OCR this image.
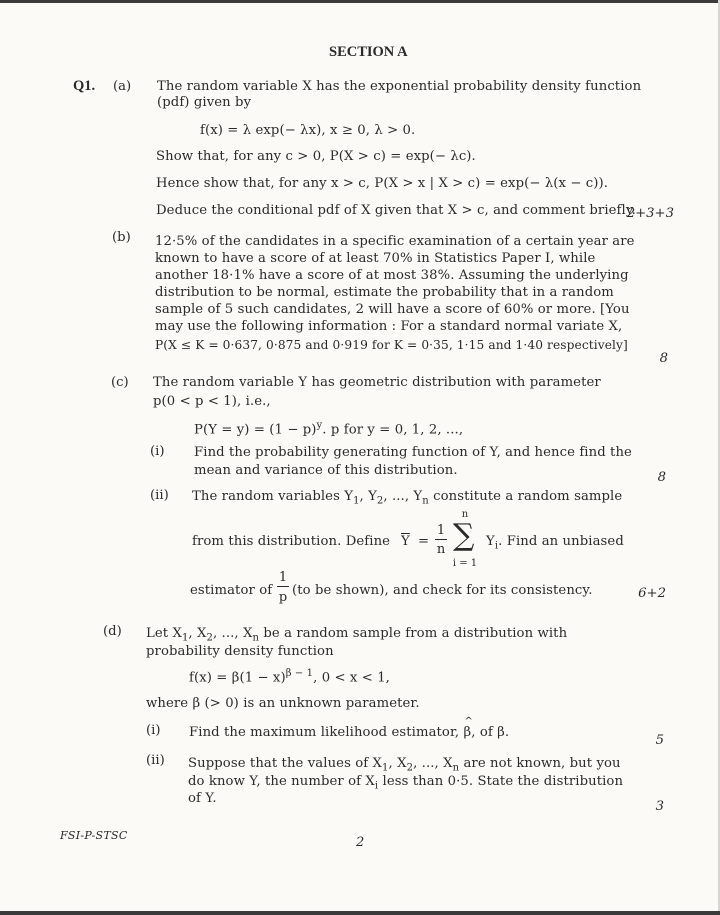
SECTION A
Q1. (a) The random variable X has the exponential probability density function
(pdf) given by
f(x) = λ exp(− λx), x ≥ 0, λ > 0.
Show that, for any c > 0, P(X > c) = exp(− λc).
Hence show that, for any x > c, P(X > x | X > c) = exp(− λ(x − c)).
Deduce the conditional pdf of X given that X > c, and comment briefly.
2+3+3
(b) 12·5% of the candidates in a specific examination of a certain year are
known to have a score of at least 70% in Statistics Paper I, while
another 18·1% have a score of at most 38%. Assuming the underlying
distribution to be normal, estimate the probability that in a random
sample of 5 such candidates, 2 will have a score of 60% or more. [You
may use the following information : For a standard normal variate X,
P(X ≤ K = 0·637, 0·875 and 0·919 for K = 0·35, 1·15 and 1·40 respectively]
8
(c) The random variable Y has geometric distribution with parameter
p(0 < p < 1), i.e.,
$P(Y = y) = (1 - p)^y$. p for y = 0, 1, 2, ...,
(i) Find the probability generating function of Y, and hence find the
mean and variance of this distribution.	8
(ii) The random variables $Y_1$, $Y_2$, ..., $Y_n$ constitute a random sample
from this distribution. Define $\overline{Y}$ =
1
n
n
∑
i = 1
$Y_i$. Find an unbiased
estimator of
1
p (to be shown), and check for its consistency.	6+2
(d) Let $X_1$, $X_2$, ..., $X_n$ be a random sample from a distribution with
probability density function
$f(x) = \beta(1 - x)^{\beta - 1}$, 0 < x < 1,
where β (> 0) is an unknown parameter.
(i) Find the maximum likelihood estimator,
^
β, of β.
5
(ii) Suppose that the values of $X_1$, $X_2$, ..., $X_n$ are not known, but you
do know Y, the number of $X_i$ less than 0·5. State the distribution
of Y.
3
FSI-P-STSC	2
